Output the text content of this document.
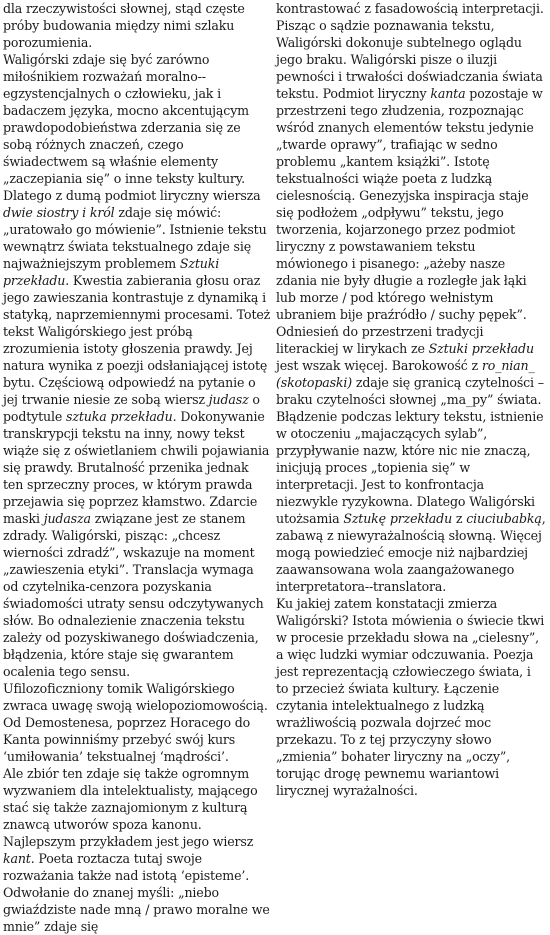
dla rzeczywistości słownej, stąd częste próby budowania między nimi szlaku porozumienia.

Waligórski zdaje się być zarówno miłośnikiem rozważań moralno--egzystencjalnych o człowieku, jak i badaczem języka, mocno akcentującym prawdopodobieństwa zderzania się ze sobą różnych znaczeń, czego świadectwem są właśnie elementy „zaczepiania się” o inne teksty kultury. Dlatego z dumą podmiot liryczny wiersza dwie siostry i król zdaje się mówić: „uratowało go mówienie”. Istnienie tekstu wewnątrz świata tekstualnego zdaje się najważniejszym problemem Sztuki przekładu. Kwestia zabierania głosu oraz jego zawieszania kontrastuje z dynamiką i statyką, naprzemiennymi procesami. Toteż tekst Waligórskiego jest próbą zrozumienia istoty głoszenia prawdy. Jej natura wynika z poezji odsłaniającej istotę bytu. Częściową odpowiedź na pytanie o jej trwanie niesie ze sobą wiersz judasz o podtytule sztuka przekładu. Dokonywanie transkrypcji tekstu na inny, nowy tekst wiąże się z oświetlaniem chwili pojawiania się prawdy. Brutalność przenika jednak ten sprzeczny proces, w którym prawda przejawia się poprzez kłamstwo. Zdarcie maski judasza związane jest ze stanem zdrady. Waligórski, pisząc: „chcesz wierności zdradź”, wskazuje na moment „zawieszenia etyki”. Translacja wymaga od czytelnika-cenzora pozyskania świadomości utraty sensu odczytywanych słów. Bo odnalezienie znaczenia tekstu zależy od pozyskiwanego doświadczenia, błądzenia, które staje się gwarantem ocalenia tego sensu.

Ufilozoficzniony tomik Waligórskiego zwraca uwagę swoją wielopoziomowością. Od Demostenesa, poprzez Horacego do Kanta powinniśmy przebyć swój kurs ‘umiłowania’ tekstualnej ‘mądrości’.

Ale zbiór ten zdaje się także ogromnym wyzwaniem dla intelektualisty, mającego stać się także zaznajomionym z kulturą znawcą utworów spoza kanonu. Najlepszym przykładem jest jego wiersz kant. Poeta roztacza tutaj swoje rozważania także nad istotą ‘episteme’. Odwołanie do znanej myśli: „niebo gwiaździste nade mną / prawo moralne we mnie” zdaje się

kontrastować z fasadowością interpretacji. Pisząc o sądzie poznawania tekstu, Waligórski dokonuje subtelnego oglądu jego braku. Waligórski pisze o iluzji pewności i trwałości doświadczania świata tekstu. Podmiot liryczny kanta pozostaje w przestrzeni tego złudzenia, rozpoznając wśród znanych elementów tekstu jedynie „twarde oprawy”, trafiając w sedno problemu „kantem książki”. Istotę tekstualności wiąże poeta z ludzką cielesnością. Genezyjska inspiracja staje się podłożem „odpływu” tekstu, jego tworzenia, kojarzonego przez podmiot liryczny z powstawaniem tekstu mówionego i pisanego: „ażeby nasze zdania nie były długie a rozległe jak łąki lub morze / pod którego wełnistym ubraniem bije praźródło / suchy pępek”. Odniesień do przestrzeni tradycji literackiej w lirykach ze Sztuki przekładu jest wszak więcej. Barokowość z ro_nian_ (skotopaski) zdaje się granicą czytelności – braku czytelności słownej „ma_py” świata. Błądzenie podczas lektury tekstu, istnienie w otoczeniu „majaczących sylab”, przypływanie nazw, które nic nie znaczą, inicjują proces „topienia się” w interpretacji. Jest to konfrontacja niezwykle ryzykowna. Dlatego Waligórski utożsamia Sztukę przekładu z ciuciubabką, zabawą z niewyrażalnością słowną. Więcej mogą powiedzieć emocje niż najbardziej zaawansowana wola zaangażowanego interpretatora--translatora.

Ku jakiej zatem konstatacji zmierza Waligórski? Istota mówienia o świecie tkwi w procesie przekładu słowa na „cielesny”, a więc ludzki wymiar odczuwania. Poezja jest reprezentacją człowieczego świata, i to przecież świata kultury. Łączenie czytania intelektualnego z ludzką wrażliwością pozwala dojrzeć moc przekazu. To z tej przyczyny słowo „zmienia” bohater liryczny na „oczy”, torując drogę pewnemu wariantowi lirycznej wyrażalności.
